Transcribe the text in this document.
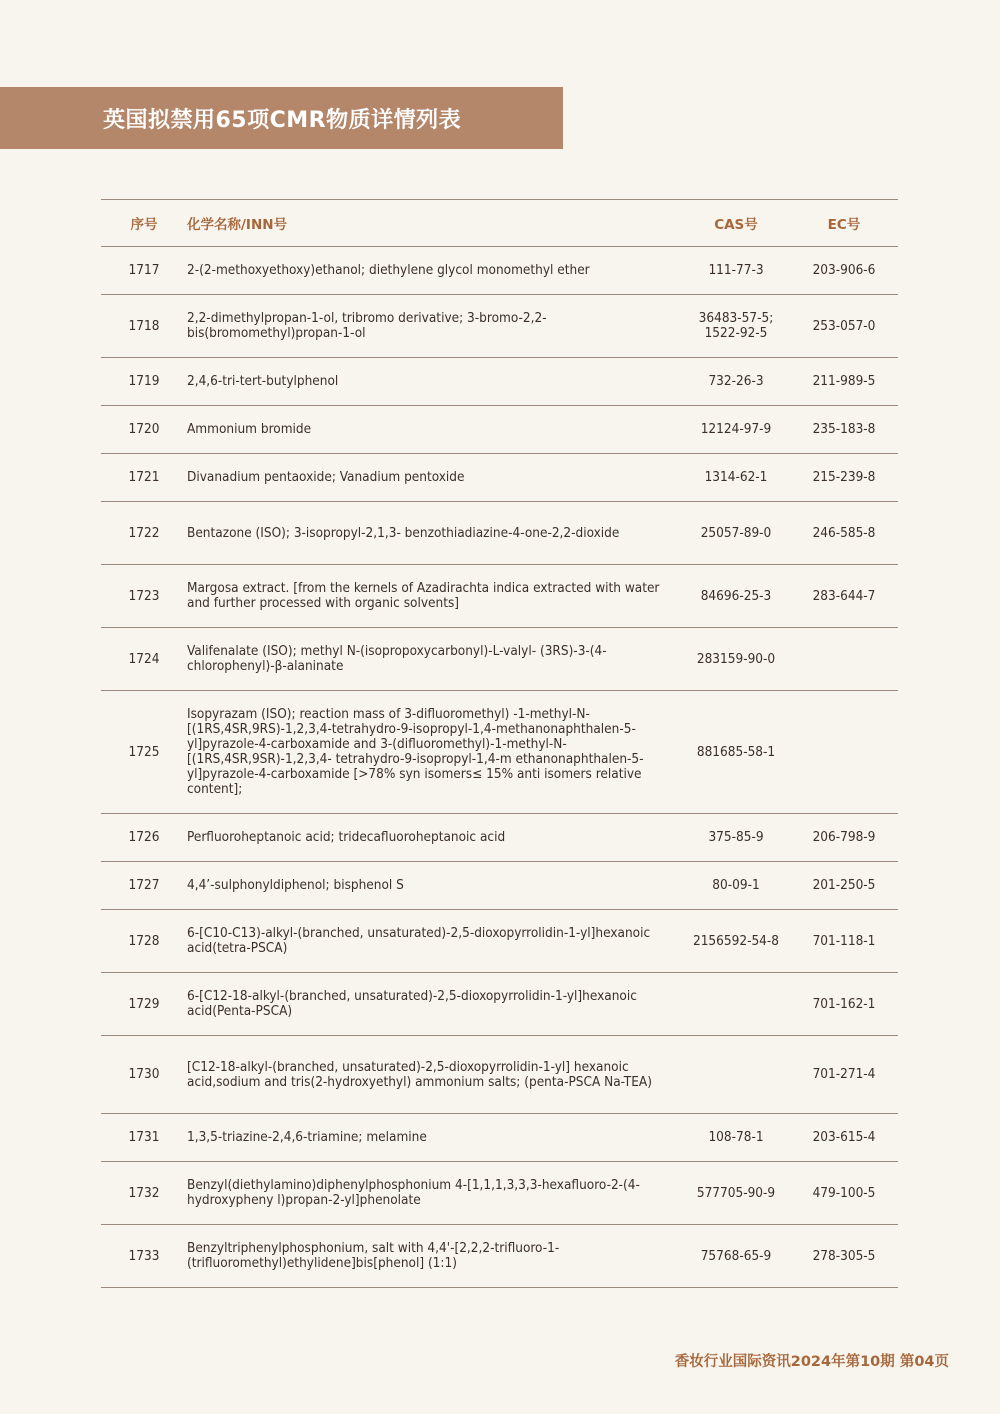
英国拟禁用65项CMR物质详情列表
序号	化学名称/INN号	CAS号	EC号
1717	2-(2-methoxyethoxy)ethanol; diethylene glycol monomethyl ether	111-77-3	203-906-6
1718	2,2-dimethylpropan-1-ol, tribromo derivative; 3-bromo-2,2-bis(bromomethyl)propan-1-ol	36483-57-5; 1522-92-5	253-057-0
1719	2,4,6-tri-tert-butylphenol	732-26-3	211-989-5
1720	Ammonium bromide	12124-97-9	235-183-8
1721	Divanadium pentaoxide; Vanadium pentoxide	1314-62-1	215-239-8
1722	Bentazone (ISO); 3-isopropyl-2,1,3- benzothiadiazine-4-one-2,2-dioxide	25057-89-0	246-585-8
1723	Margosa extract. [from the kernels of Azadirachta indica extracted with water and further processed with organic solvents]	84696-25-3	283-644-7
1724	Valifenalate (ISO); methyl N-(isopropoxycarbonyl)-L-valyl- (3RS)-3-(4-chlorophenyl)-β-alaninate	283159-90-0	
1725	Isopyrazam (ISO); reaction mass of 3-difluoromethyl) -1-methyl-N-[(1RS,4SR,9RS)-1,2,3,4-tetrahydro-9-isopropyl-1,4-methanonaphthalen-5-yl]pyrazole-4-carboxamide and 3-(difluoromethyl)-1-methyl-N-[(1RS,4SR,9SR)-1,2,3,4- tetrahydro-9-isopropyl-1,4-m ethanonaphthalen-5-yl]pyrazole-4-carboxamide [>78% syn isomers≤ 15% anti isomers relative content];	881685-58-1	
1726	Perfluoroheptanoic acid; tridecafluoroheptanoic acid	375-85-9	206-798-9
1727	4,4’-sulphonyldiphenol; bisphenol S	80-09-1	201-250-5
1728	6-[C10-C13)-alkyl-(branched, unsaturated)-2,5-dioxopyrrolidin-1-yl]hexanoic acid(tetra-PSCA)	2156592-54-8	701-118-1
1729	6-[C12-18-alkyl-(branched, unsaturated)-2,5-dioxopyrrolidin-1-yl]hexanoic acid(Penta-PSCA)		701-162-1
1730	[C12-18-alkyl-(branched, unsaturated)-2,5-dioxopyrrolidin-1-yl] hexanoic acid,sodium and tris(2-hydroxyethyl) ammonium salts; (penta-PSCA Na-TEA)		701-271-4
1731	1,3,5-triazine-2,4,6-triamine; melamine	108-78-1	203-615-4
1732	Benzyl(diethylamino)diphenylphosphonium 4-[1,1,1,3,3,3-hexafluoro-2-(4-hydroxypheny l)propan-2-yl]phenolate	577705-90-9	479-100-5
1733	Benzyltriphenylphosphonium, salt with 4,4'-[2,2,2-trifluoro-1-(trifluoromethyl)ethylidene]bis[phenol] (1:1)	75768-65-9	278-305-5
香妆行业国际资讯2024年第10期 第04页
